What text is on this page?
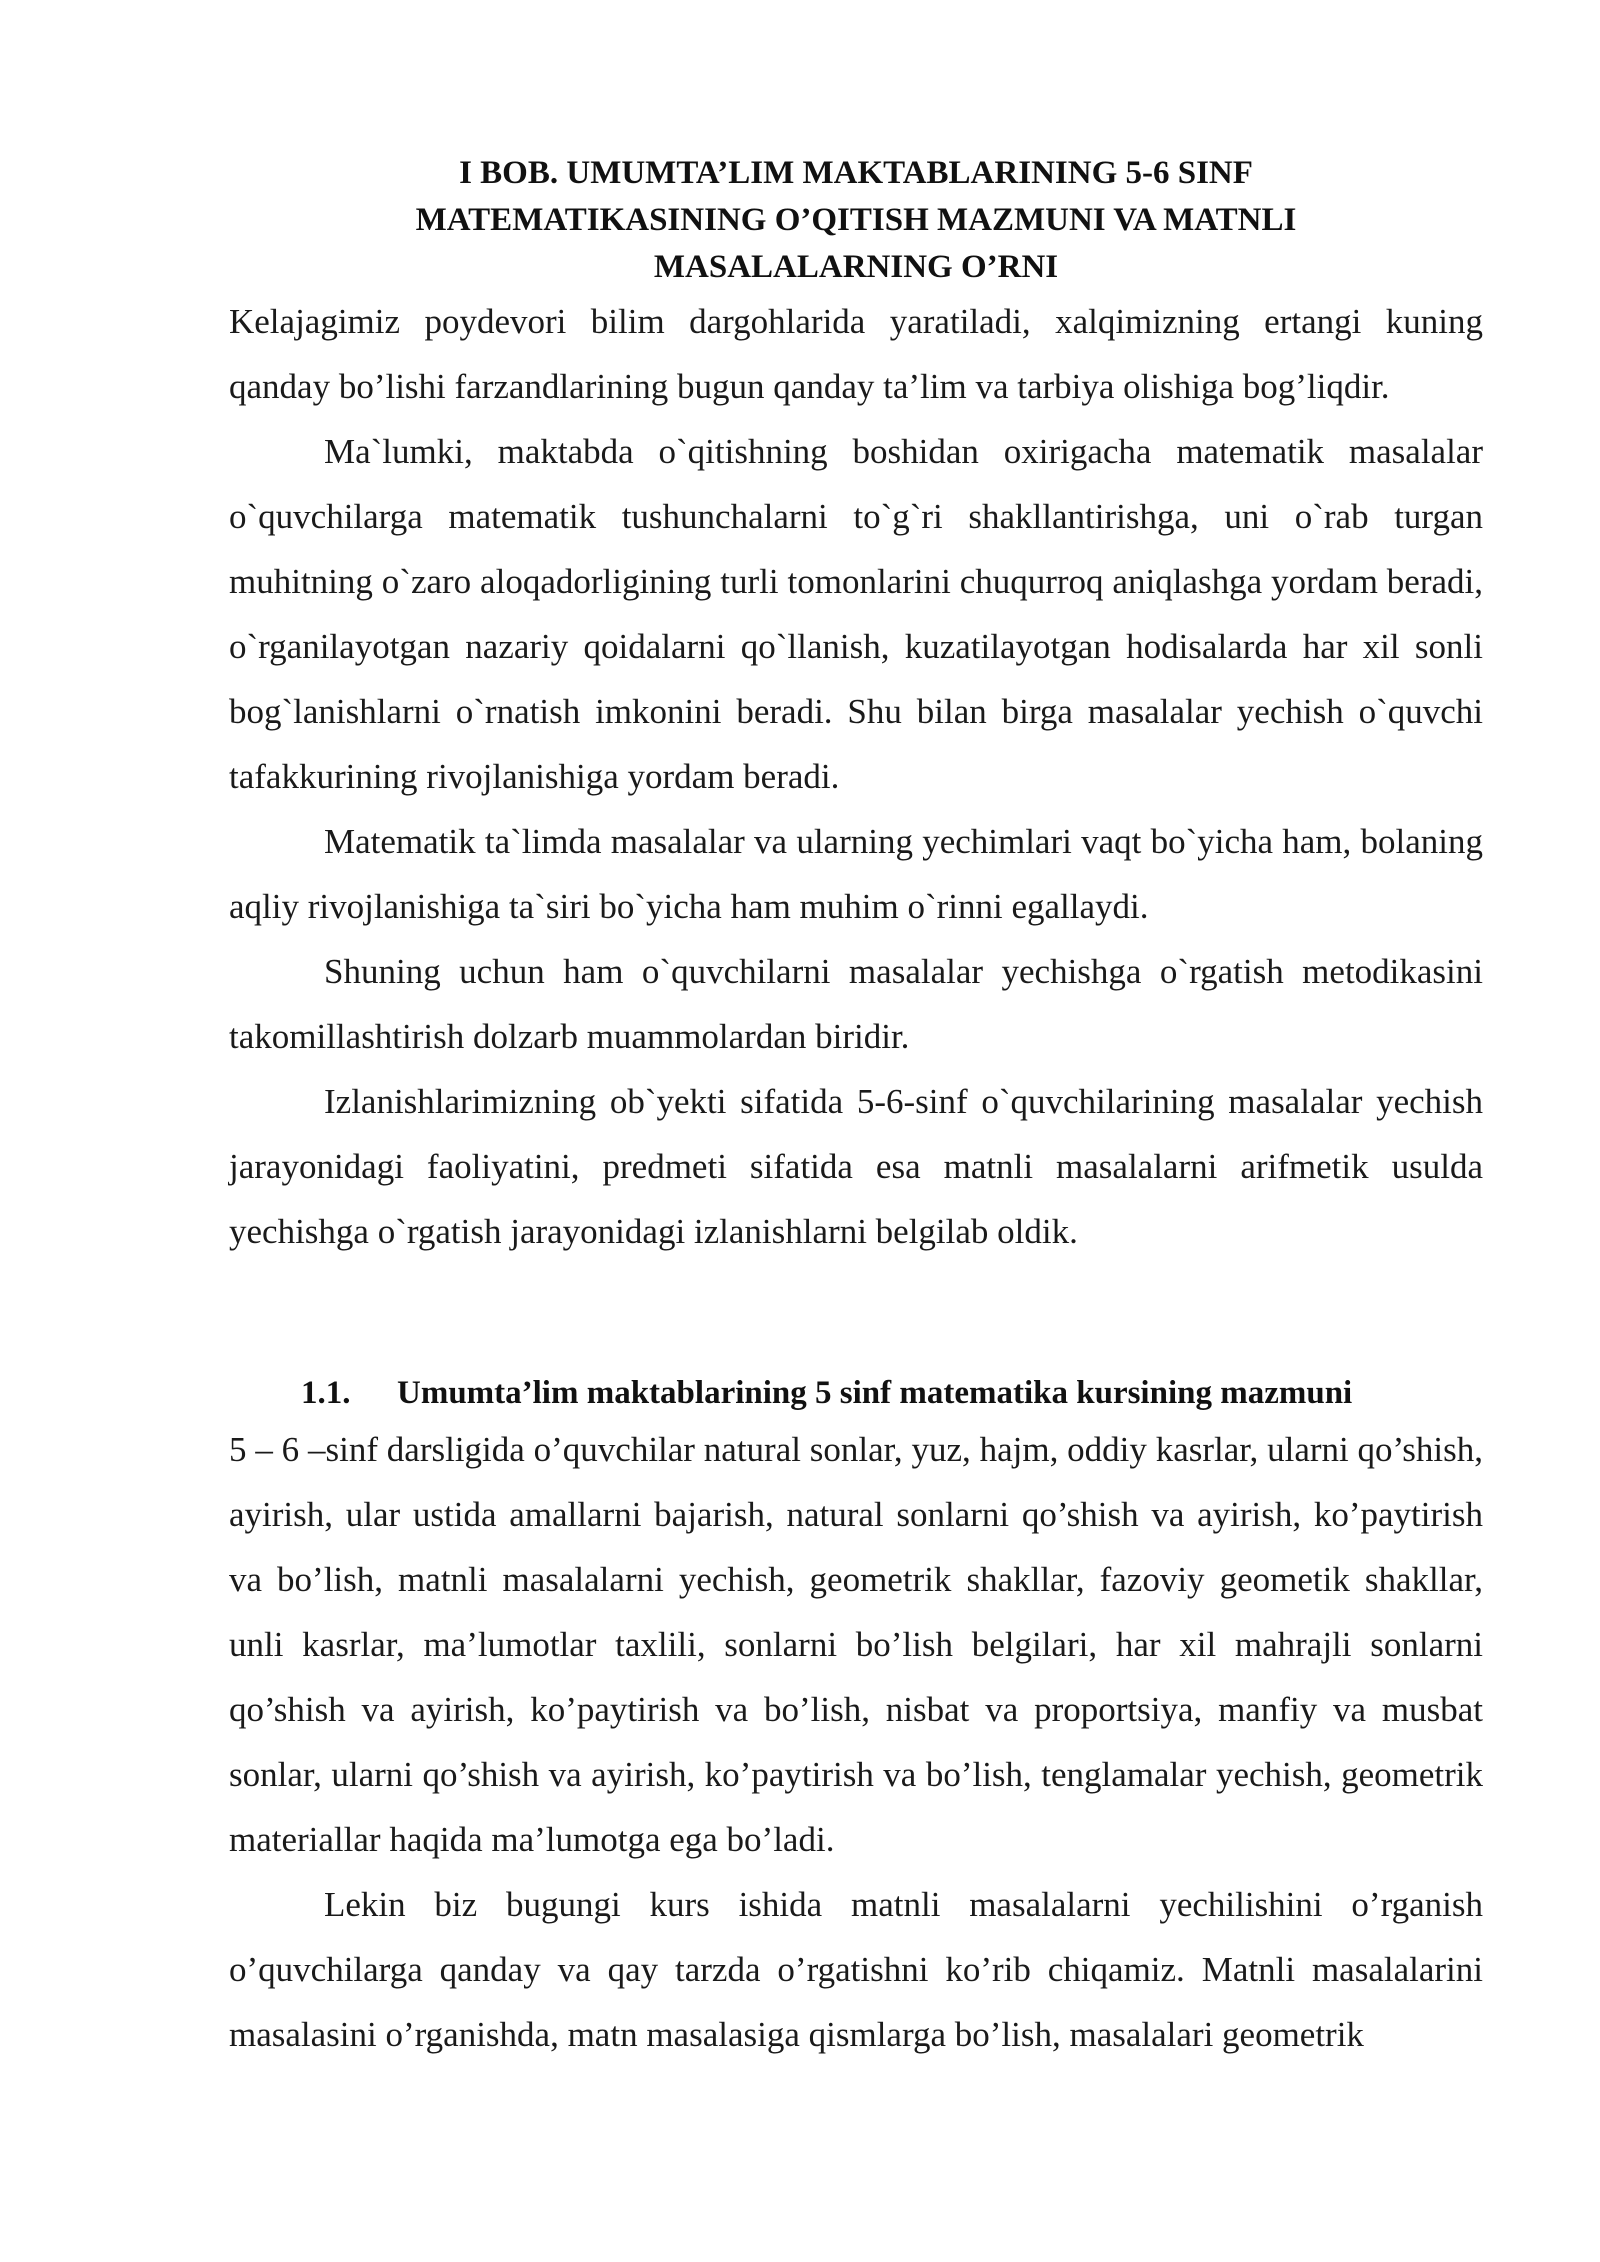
I BOB. UMUMTA’LIM MAKTABLARINING 5-6 SINF
MATEMATIKASINING O’QITISH MAZMUNI VA MATNLI
MASALALARNING O’RNI

Kelajagimiz poydevori bilim dargohlarida yaratiladi, xalqimizning ertangi kuning qanday bo’lishi farzandlarining bugun qanday ta’lim va tarbiya olishiga bog’liqdir.

Ma`lumki, maktabda o`qitishning boshidan oxirigacha matematik masalalar o`quvchilarga matematik tushunchalarni to`g`ri shakllantirishga, uni o`rab turgan muhitning o`zaro aloqadorligining turli tomonlarini chuqurroq aniqlashga yordam beradi, o`rganilayotgan nazariy qoidalarni qo`llanish, kuzatilayotgan hodisalarda har xil sonli bog`lanishlarni o`rnatish imkonini beradi. Shu bilan birga masalalar yechish o`quvchi tafakkurining rivojlanishiga yordam beradi.

Matematik ta`limda masalalar va ularning yechimlari vaqt bo`yicha ham, bolaning aqliy rivojlanishiga ta`siri bo`yicha ham muhim o`rinni egallaydi.

Shuning uchun ham o`quvchilarni masalalar yechishga o`rgatish metodikasini takomillashtirish dolzarb muammolardan biridir.

Izlanishlarimizning ob`yekti sifatida 5-6-sinf o`quvchilarining masalalar yechish jarayonidagi faoliyatini, predmeti sifatida esa matnli masalalarni arifmetik usulda yechishga o`rgatish jarayonidagi izlanishlarni belgilab oldik.

1.1. Umumta’lim maktablarining 5 sinf matematika kursining mazmuni

5 – 6 –sinf darsligida o’quvchilar natural sonlar, yuz, hajm, oddiy kasrlar, ularni qo’shish, ayirish, ular ustida amallarni bajarish, natural sonlarni qo’shish va ayirish, ko’paytirish va bo’lish, matnli masalalarni yechish, geometrik shakllar, fazoviy geometik shakllar, unli kasrlar, ma’lumotlar taxlili, sonlarni bo’lish belgilari, har xil mahrajli sonlarni qo’shish va ayirish, ko’paytirish va bo’lish, nisbat va proportsiya, manfiy va musbat sonlar, ularni qo’shish va ayirish, ko’paytirish va bo’lish, tenglamalar yechish, geometrik materiallar haqida ma’lumotga ega bo’ladi.

Lekin biz bugungi kurs ishida matnli masalalarni yechilishini o’rganish o’quvchilarga qanday va qay tarzda o’rgatishni ko’rib chiqamiz. Matnli masalalarini masalasini o’rganishda, matn masalasiga qismlarga bo’lish, masalalari geometrik
